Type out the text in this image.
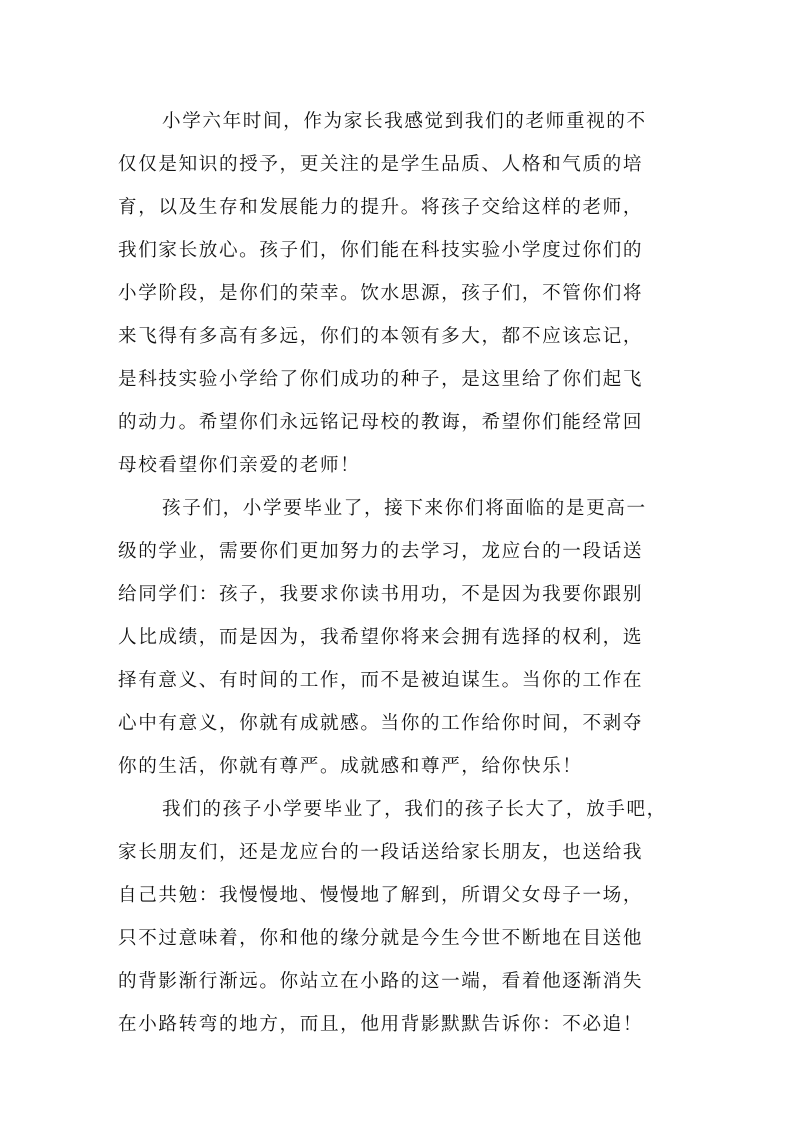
小学六年时间，作为家长我感觉到我们的老师重视的不
仅仅是知识的授予，更关注的是学生品质、人格和气质的培
育，以及生存和发展能力的提升。将孩子交给这样的老师，
我们家长放心。孩子们，你们能在科技实验小学度过你们的
小学阶段，是你们的荣幸。饮水思源，孩子们，不管你们将
来飞得有多高有多远，你们的本领有多大，都不应该忘记，
是科技实验小学给了你们成功的种子，是这里给了你们起飞
的动力。希望你们永远铭记母校的教诲，希望你们能经常回
母校看望你们亲爱的老师！
孩子们，小学要毕业了，接下来你们将面临的是更高一
级的学业，需要你们更加努力的去学习，龙应台的一段话送
给同学们：孩子，我要求你读书用功，不是因为我要你跟别
人比成绩，而是因为，我希望你将来会拥有选择的权利，选
择有意义、有时间的工作，而不是被迫谋生。当你的工作在
心中有意义，你就有成就感。当你的工作给你时间，不剥夺
你的生活，你就有尊严。成就感和尊严，给你快乐！
我们的孩子小学要毕业了，我们的孩子长大了，放手吧，
家长朋友们，还是龙应台的一段话送给家长朋友，也送给我
自己共勉：我慢慢地、慢慢地了解到，所谓父女母子一场，
只不过意味着，你和他的缘分就是今生今世不断地在目送他
的背影渐行渐远。你站立在小路的这一端，看着他逐渐消失
在小路转弯的地方，而且，他用背影默默告诉你：不必追！
